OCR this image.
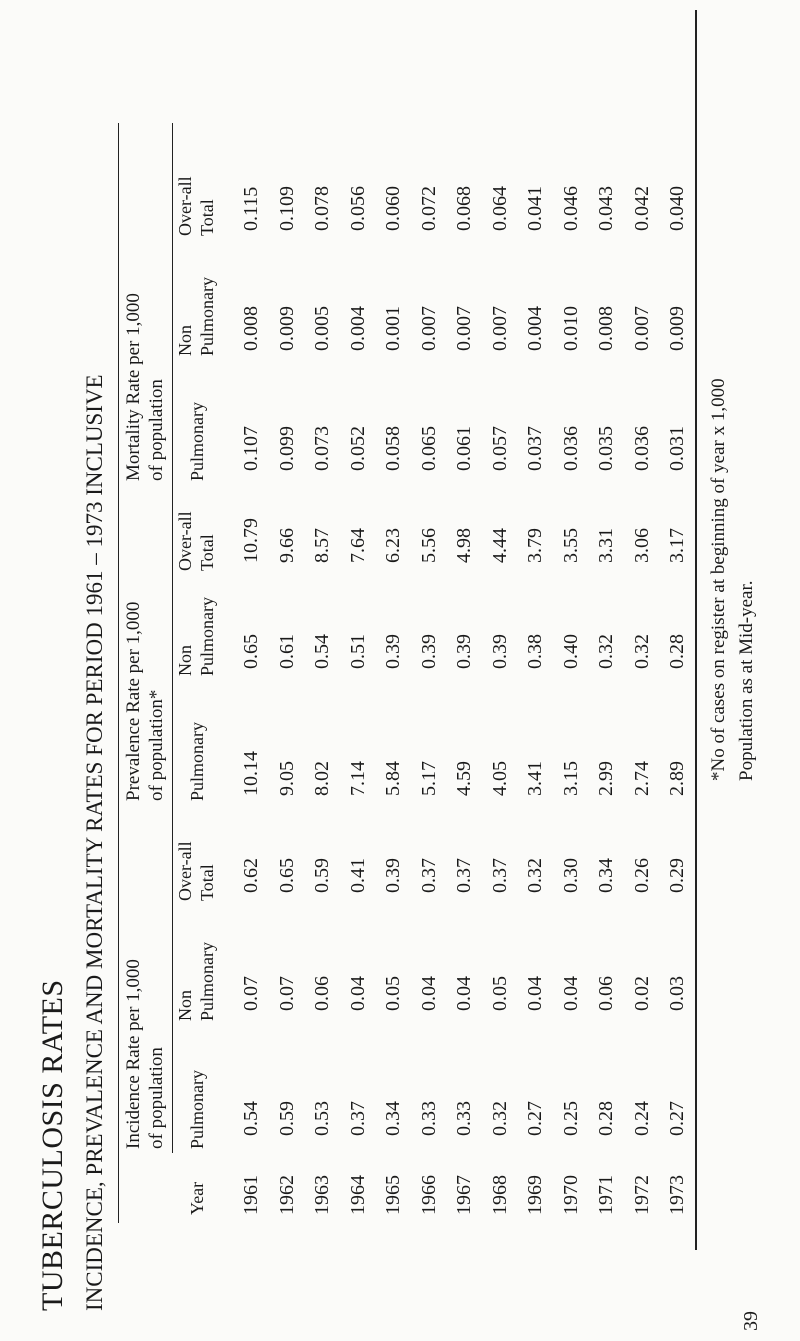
TUBERCULOSIS RATES INCIDENCE, PREVALENCE AND MORTALITY RATES FOR PERIOD 1961 – 1973 INCLUSIVE Incidence Rate per 1,000 of population
Prevalence Rate per 1,000 of population*
Mortality Rate per 1,000 of population
Year
Pulmonary
Non Pulmonary
Over-all Total
Pulmonary
Non Pulmonary
Over-all Total
Pulmonary
Non Pulmonary
Over-all Total
1961
0.54
0.07
0.62
10.14
0.65
10.79
0.107
0.008
0.115
1962
0.59
0.07
0.65
9.05
0.61
9.66
0.099
0.009
0.109
1963
0.53
0.06
0.59
8.02
0.54
8.57
0.073
0.005
0.078
1964
0.37
0.04
0.41
7.14
0.51
7.64
0.052
0.004
0.056
1965
0.34
0.05
0.39
5.84
0.39
6.23
0.058
0.001
0.060
1966
0.33
0.04
0.37
5.17
0.39
5.56
0.065
0.007
0.072
1967
0.33
0.04
0.37
4.59
0.39
4.98
0.061
0.007
0.068
1968
0.32
0.05
0.37
4.05
0.39
4.44
0.057
0.007
0.064
1969
0.27
0.04
0.32
3.41
0.38
3.79
0.037
0.004
0.041
1970
0.25
0.04
0.30
3.15
0.40
3.55
0.036
0.010
0.046
1971
0.28
0.06
0.34
2.99
0.32
3.31
0.035
0.008
0.043
1972
0.24
0.02
0.26
2.74
0.32
3.06
0.036
0.007
0.042
1973
0.27
0.03
0.29
2.89
0.28
3.17
0.031
0.009
0.040
*No of cases on register at beginning of year x 1,000 Population as at Mid-year.
39
